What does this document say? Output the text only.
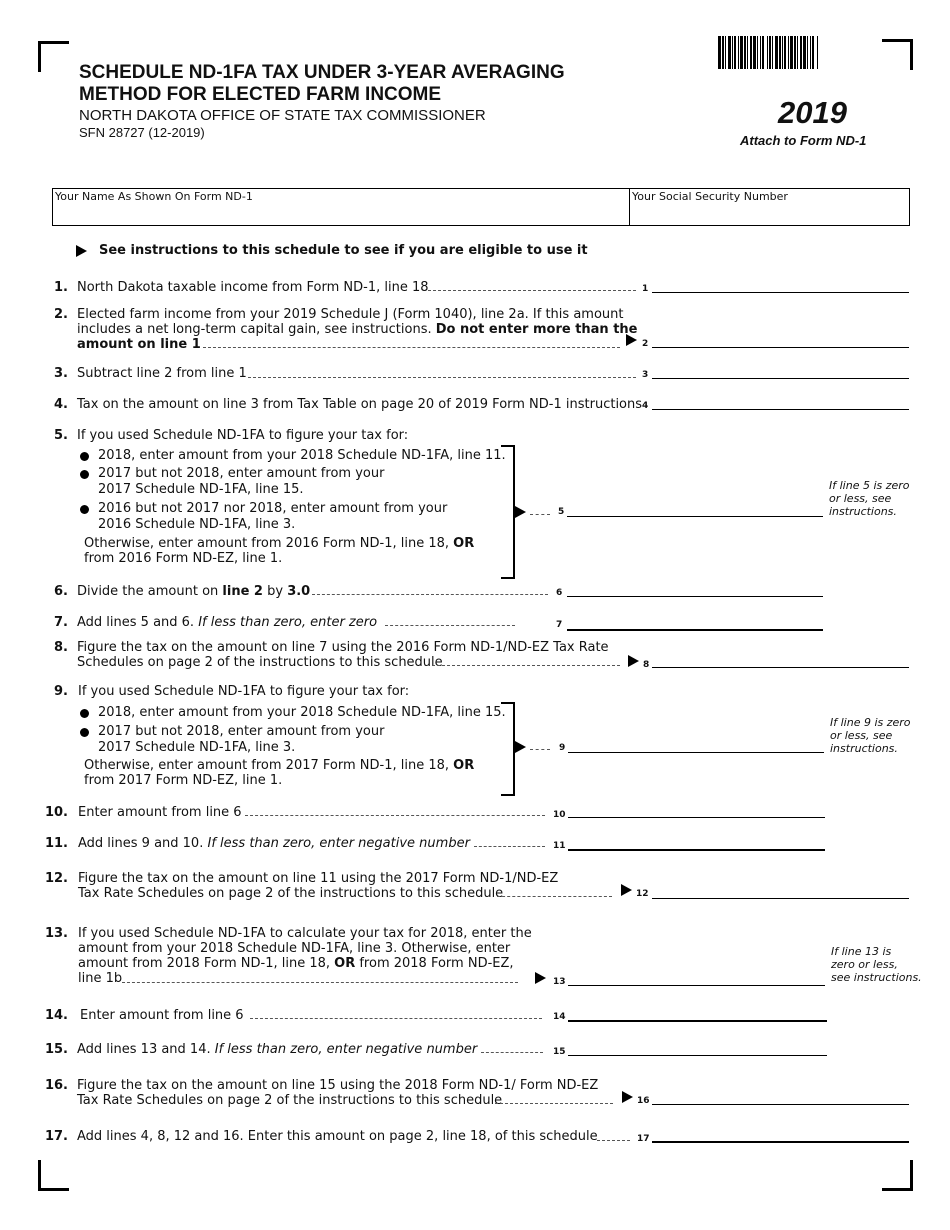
SCHEDULE ND-1FA TAX UNDER 3-YEAR AVERAGING
METHOD FOR ELECTED FARM INCOME
NORTH DAKOTA OFFICE OF STATE TAX COMMISSIONER
SFN 28727 (12-2019)
2019
Attach to Form ND-1
Your Name As Shown On Form ND-1	Your Social Security Number
See instructions to this schedule to see if you are eligible to use it
1. North Dakota taxable income from Form ND-1, line 18	1
2. Elected farm income from your 2019 Schedule J (Form 1040), line 2a. If this amount
includes a net long-term capital gain, see instructions. Do not enter more than the
amount on line 1	2
3. Subtract line 2 from line 1	3
4. Tax on the amount on line 3 from Tax Table on page 20 of 2019 Form ND-1 instructions 4
5. If you used Schedule ND-1FA to figure your tax for:
2018, enter amount from your 2018 Schedule ND-1FA, line 11.
2017 but not 2018, enter amount from your
2017 Schedule ND-1FA, line 15.
2016 but not 2017 nor 2018, enter amount from your
2016 Schedule ND-1FA, line 3.
Otherwise, enter amount from 2016 Form ND-1, line 18, OR
from 2016 Form ND-EZ, line 1.
5
If line 5 is zero
or less, see
instructions.
6. Divide the amount on line 2 by 3.0	6
7. Add lines 5 and 6. If less than zero, enter zero	7
8. Figure the tax on the amount on line 7 using the 2016 Form ND-1/ND-EZ Tax Rate
Schedules on page 2 of the instructions to this schedule	8
9. If you used Schedule ND-1FA to figure your tax for:
2018, enter amount from your 2018 Schedule ND-1FA, line 15.
2017 but not 2018, enter amount from your
2017 Schedule ND-1FA, line 3.
Otherwise, enter amount from 2017 Form ND-1, line 18, OR
from 2017 Form ND-EZ, line 1.
9
If line 9 is zero
or less, see
instructions.
10. Enter amount from line 6	10
11. Add lines 9 and 10. If less than zero, enter negative number	11
12. Figure the tax on the amount on line 11 using the 2017 Form ND-1/ND-EZ
Tax Rate Schedules on page 2 of the instructions to this schedule	12
13. If you used Schedule ND-1FA to calculate your tax for 2018, enter the
amount from your 2018 Schedule ND-1FA, line 3. Otherwise, enter
amount from 2018 Form ND-1, line 18, OR from 2018 Form ND-EZ,
line 1b	13
If line 13 is
zero or less,
see instructions.
14. Enter amount from line 6	14
15. Add lines 13 and 14. If less than zero, enter negative number	15
16. Figure the tax on the amount on line 15 using the 2018 Form ND-1/ Form ND-EZ
Tax Rate Schedules on page 2 of the instructions to this schedule	16
17. Add lines 4, 8, 12 and 16. Enter this amount on page 2, line 18, of this schedule	17
